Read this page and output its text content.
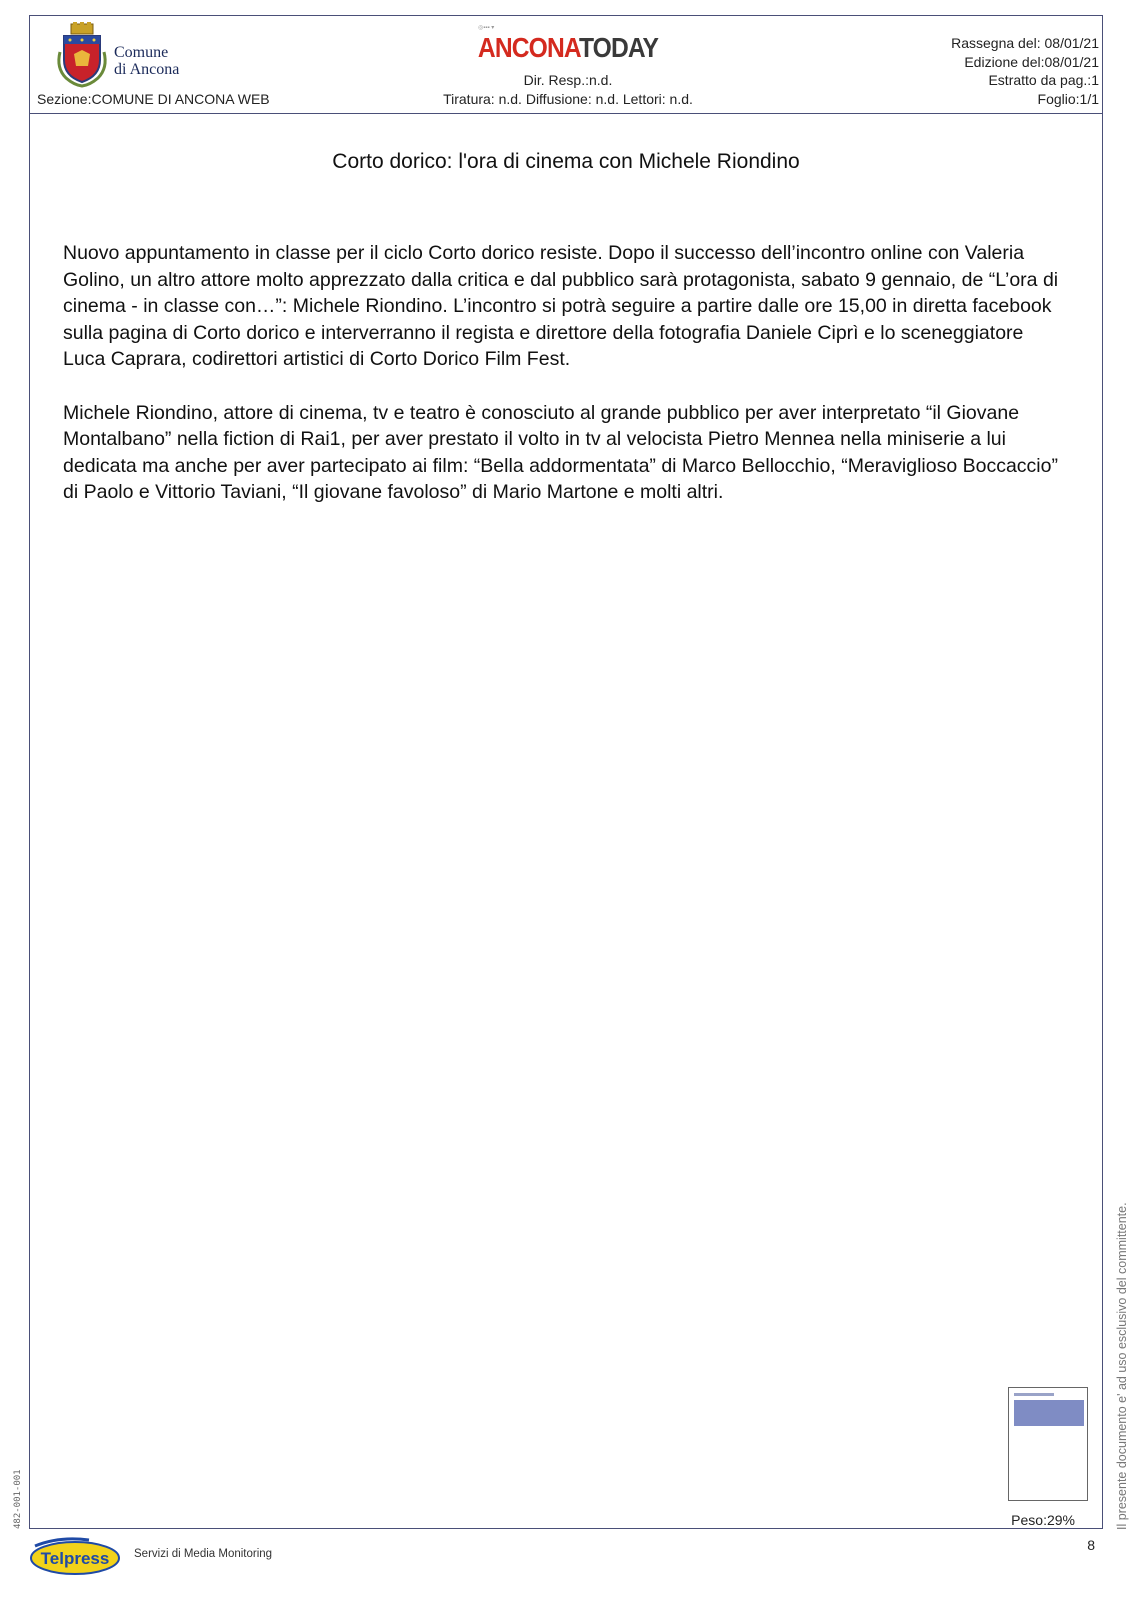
Comune
di Ancona
Sezione:COMUNE DI ANCONA WEB
◎▪▪▪ ▾
ANCONATODAY
Dir. Resp.:n.d.
Tiratura: n.d. Diffusione: n.d. Lettori: n.d.
Rassegna del: 08/01/21
Edizione del:08/01/21
Estratto da pag.:1
Foglio:1/1
Corto dorico: l'ora di cinema con Michele Riondino

Nuovo appuntamento in classe per il ciclo Corto dorico resiste. Dopo il successo dell’incontro online con Valeria Golino, un altro attore molto apprezzato dalla critica e dal pubblico sarà protagonista, sabato 9 gennaio, de “L’ora di cinema - in classe con…”: Michele Riondino. L’incontro si potrà seguire a partire dalle ore 15,00 in diretta facebook sulla pagina di Corto dorico e interverranno il regista e direttore della fotografia Daniele Ciprì e lo sceneggiatore Luca Caprara, codirettori artistici di Corto Dorico Film Fest.

Michele Riondino, attore di cinema, tv e teatro è conosciuto al grande pubblico per aver interpretato “il Giovane Montalbano” nella fiction di Rai1, per aver prestato il volto in tv al velocista Pietro Mennea nella miniserie a lui dedicata ma anche per aver partecipato ai film: “Bella addormentata” di Marco Bellocchio, “Meraviglioso Boccaccio” di Paolo e Vittorio Taviani, “Il giovane favoloso” di Mario Martone e molti altri.

Peso:29%	Il presente documento e' ad uso esclusivo del committente.
482-001-001
8
Telpress Servizi di Media Monitoring
